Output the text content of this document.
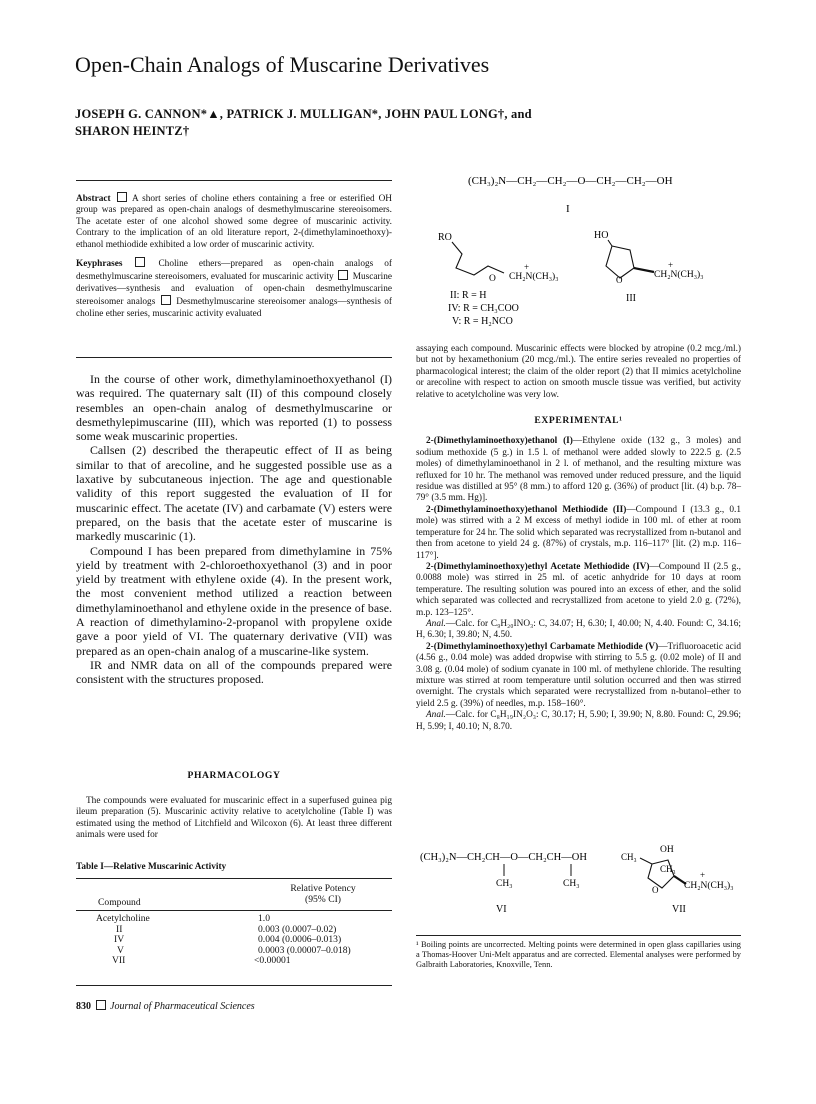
Open-Chain Analogs of Muscarine Derivatives
JOSEPH G. CANNON*▲, PATRICK J. MULLIGAN*, JOHN PAUL LONG†, and
SHARON HEINTZ†

Abstract A short series of choline ethers containing a free or esterified OH group was prepared as open-chain analogs of desmethylmuscarine stereoisomers. The acetate ester of one alcohol showed some degree of muscarinic activity. Contrary to the implication of an old literature report, 2-(dimethylaminoethoxy)-ethanol methiodide exhibited a low order of muscarinic activity.

Keyphrases	Choline ethers—prepared as open-chain analogs of desmethylmuscarine stereoisomers, evaluated for muscarinic activity Muscarine derivatives—synthesis and evaluation of open-chain desmethylmuscarine stereoisomer analogs Desmethylmuscarine stereoisomer analogs—synthesis of choline ether series, muscarinic activity evaluated

In the course of other work, dimethylaminoethoxyethanol (I) was required. The quaternary salt (II) of this compound closely resembles an open-chain analog of desmethylmuscarine or desmethylepimuscarine (III), which was reported (1) to possess some weak muscarinic properties.

Callsen (2) described the therapeutic effect of II as being similar to that of arecoline, and he suggested possible use as a laxative by subcutaneous injection. The age and questionable validity of this report suggested the evaluation of II for muscarinic effect. The acetate (IV) and carbamate (V) esters were prepared, on the basis that the acetate ester of muscarine is markedly muscarinic (1).

Compound I has been prepared from dimethylamine in 75% yield by treatment with 2-chloroethoxyethanol (3) and in poor yield by treatment with ethylene oxide (4). In the present work, the most convenient method utilized a reaction between dimethylaminoethanol and ethylene oxide in the presence of base. A reaction of dimethylamino-2-propanol with propylene oxide gave a poor yield of VI. The quaternary derivative (VII) was prepared as an open-chain analog of a muscarine-like system.

IR and NMR data on all of the compounds prepared were consistent with the structures proposed.

PHARMACOLOGY

The compounds were evaluated for muscarinic effect in a superfused guinea pig ileum preparation (5). Muscarinic activity relative to acetylcholine (Table I) was estimated using the method of Litchfield and Wilcoxon (6). At least three different animals were used for

Table I—Relative Muscarinic Activity
Relative Potency
(95% CI)
Compound
Acetylcholine	1.0
II	0.003 (0.0007–0.02)
IV	0.004 (0.0006–0.013)
V	0.0003 (0.00007–0.018)
VII	<0.00001
830 Journal of Pharmaceutical Sciences
(CH₃)₂N—CH₂—CH₂—O—CH₂—CH₂—OH
I
RO
O
+
CH₂N(CH₃)₃
II: R = H
IV: R = CH₃COO
V: R = H₂NCO
HO
O
+
CH₂N(CH₃)₃
III

assaying each compound. Muscarinic effects were blocked by atropine (0.2 mcg./ml.) but not by hexamethonium (20 mcg./ml.). The entire series revealed no properties of pharmacological interest; the claim of the older report (2) that II mimics acetylcholine or arecoline with respect to action on smooth muscle tissue was verified, but activity relative to acetylcholine was very low.

EXPERIMENTAL¹

2-(Dimethylaminoethoxy)ethanol (I)—Ethylene oxide (132 g., 3 moles) and sodium methoxide (5 g.) in 1.5 l. of methanol were added slowly to 222.5 g. (2.5 moles) of dimethylaminoethanol in 2 l. of methanol, and the resulting mixture was refluxed for 10 hr. The methanol was removed under reduced pressure, and the liquid residue was distilled at 95° (8 mm.) to afford 120 g. (36%) of product [lit. (4) b.p. 78–79° (3.5 mm. Hg)].

2-(Dimethylaminoethoxy)ethanol Methiodide (II)—Compound I (13.3 g., 0.1 mole) was stirred with a 2 M excess of methyl iodide in 100 ml. of ether at room temperature for 24 hr. The solid which separated was recrystallized from n-butanol and then from acetone to yield 24 g. (87%) of crystals, m.p. 116–117° [lit. (2) m.p. 116–117°].

2-(Dimethylaminoethoxy)ethyl Acetate Methiodide (IV)—Compound II (2.5 g., 0.0088 mole) was stirred in 25 ml. of acetic anhydride for 10 days at room temperature. The resulting solution was poured into an excess of ether, and the solid which separated was collected and recrystallized from acetone to yield 2.0 g. (72%), m.p. 123–125°.

Anal.—Calc. for C₉H₂₀INO₃: C, 34.07; H, 6.30; I, 40.00; N, 4.40. Found: C, 34.16; H, 6.30; I, 39.80; N, 4.50.

2-(Dimethylaminoethoxy)ethyl Carbamate Methiodide (V)—Trifluoroacetic acid (4.56 g., 0.04 mole) was added dropwise with stirring to 5.5 g. (0.02 mole) of II and 3.08 g. (0.04 mole) of sodium cyanate in 100 ml. of methylene chloride. The resulting mixture was stirred at room temperature until solution occurred and then was stirred overnight. The crystals which separated were recrystallized from n-butanol–ether to yield 2.5 g. (39%) of needles, m.p. 158–160°.

Anal.—Calc. for C₈H₁₉IN₂O₃: C, 30.17; H, 5.90; I, 39.90; N, 8.80. Found: C, 29.96; H, 5.99; I, 40.10; N, 8.70.

(CH₃)₂N—CH₂CH—O—CH₂CH—OH
CH₃	CH₃
VI
CH₃
OH
CH₃
O
+
CH₂N(CH₃)₃
VII
¹ Boiling points are uncorrected. Melting points were determined in open glass capillaries using a Thomas-Hoover Uni-Melt apparatus and are corrected. Elemental analyses were performed by Galbraith Laboratories, Knoxville, Tenn.
